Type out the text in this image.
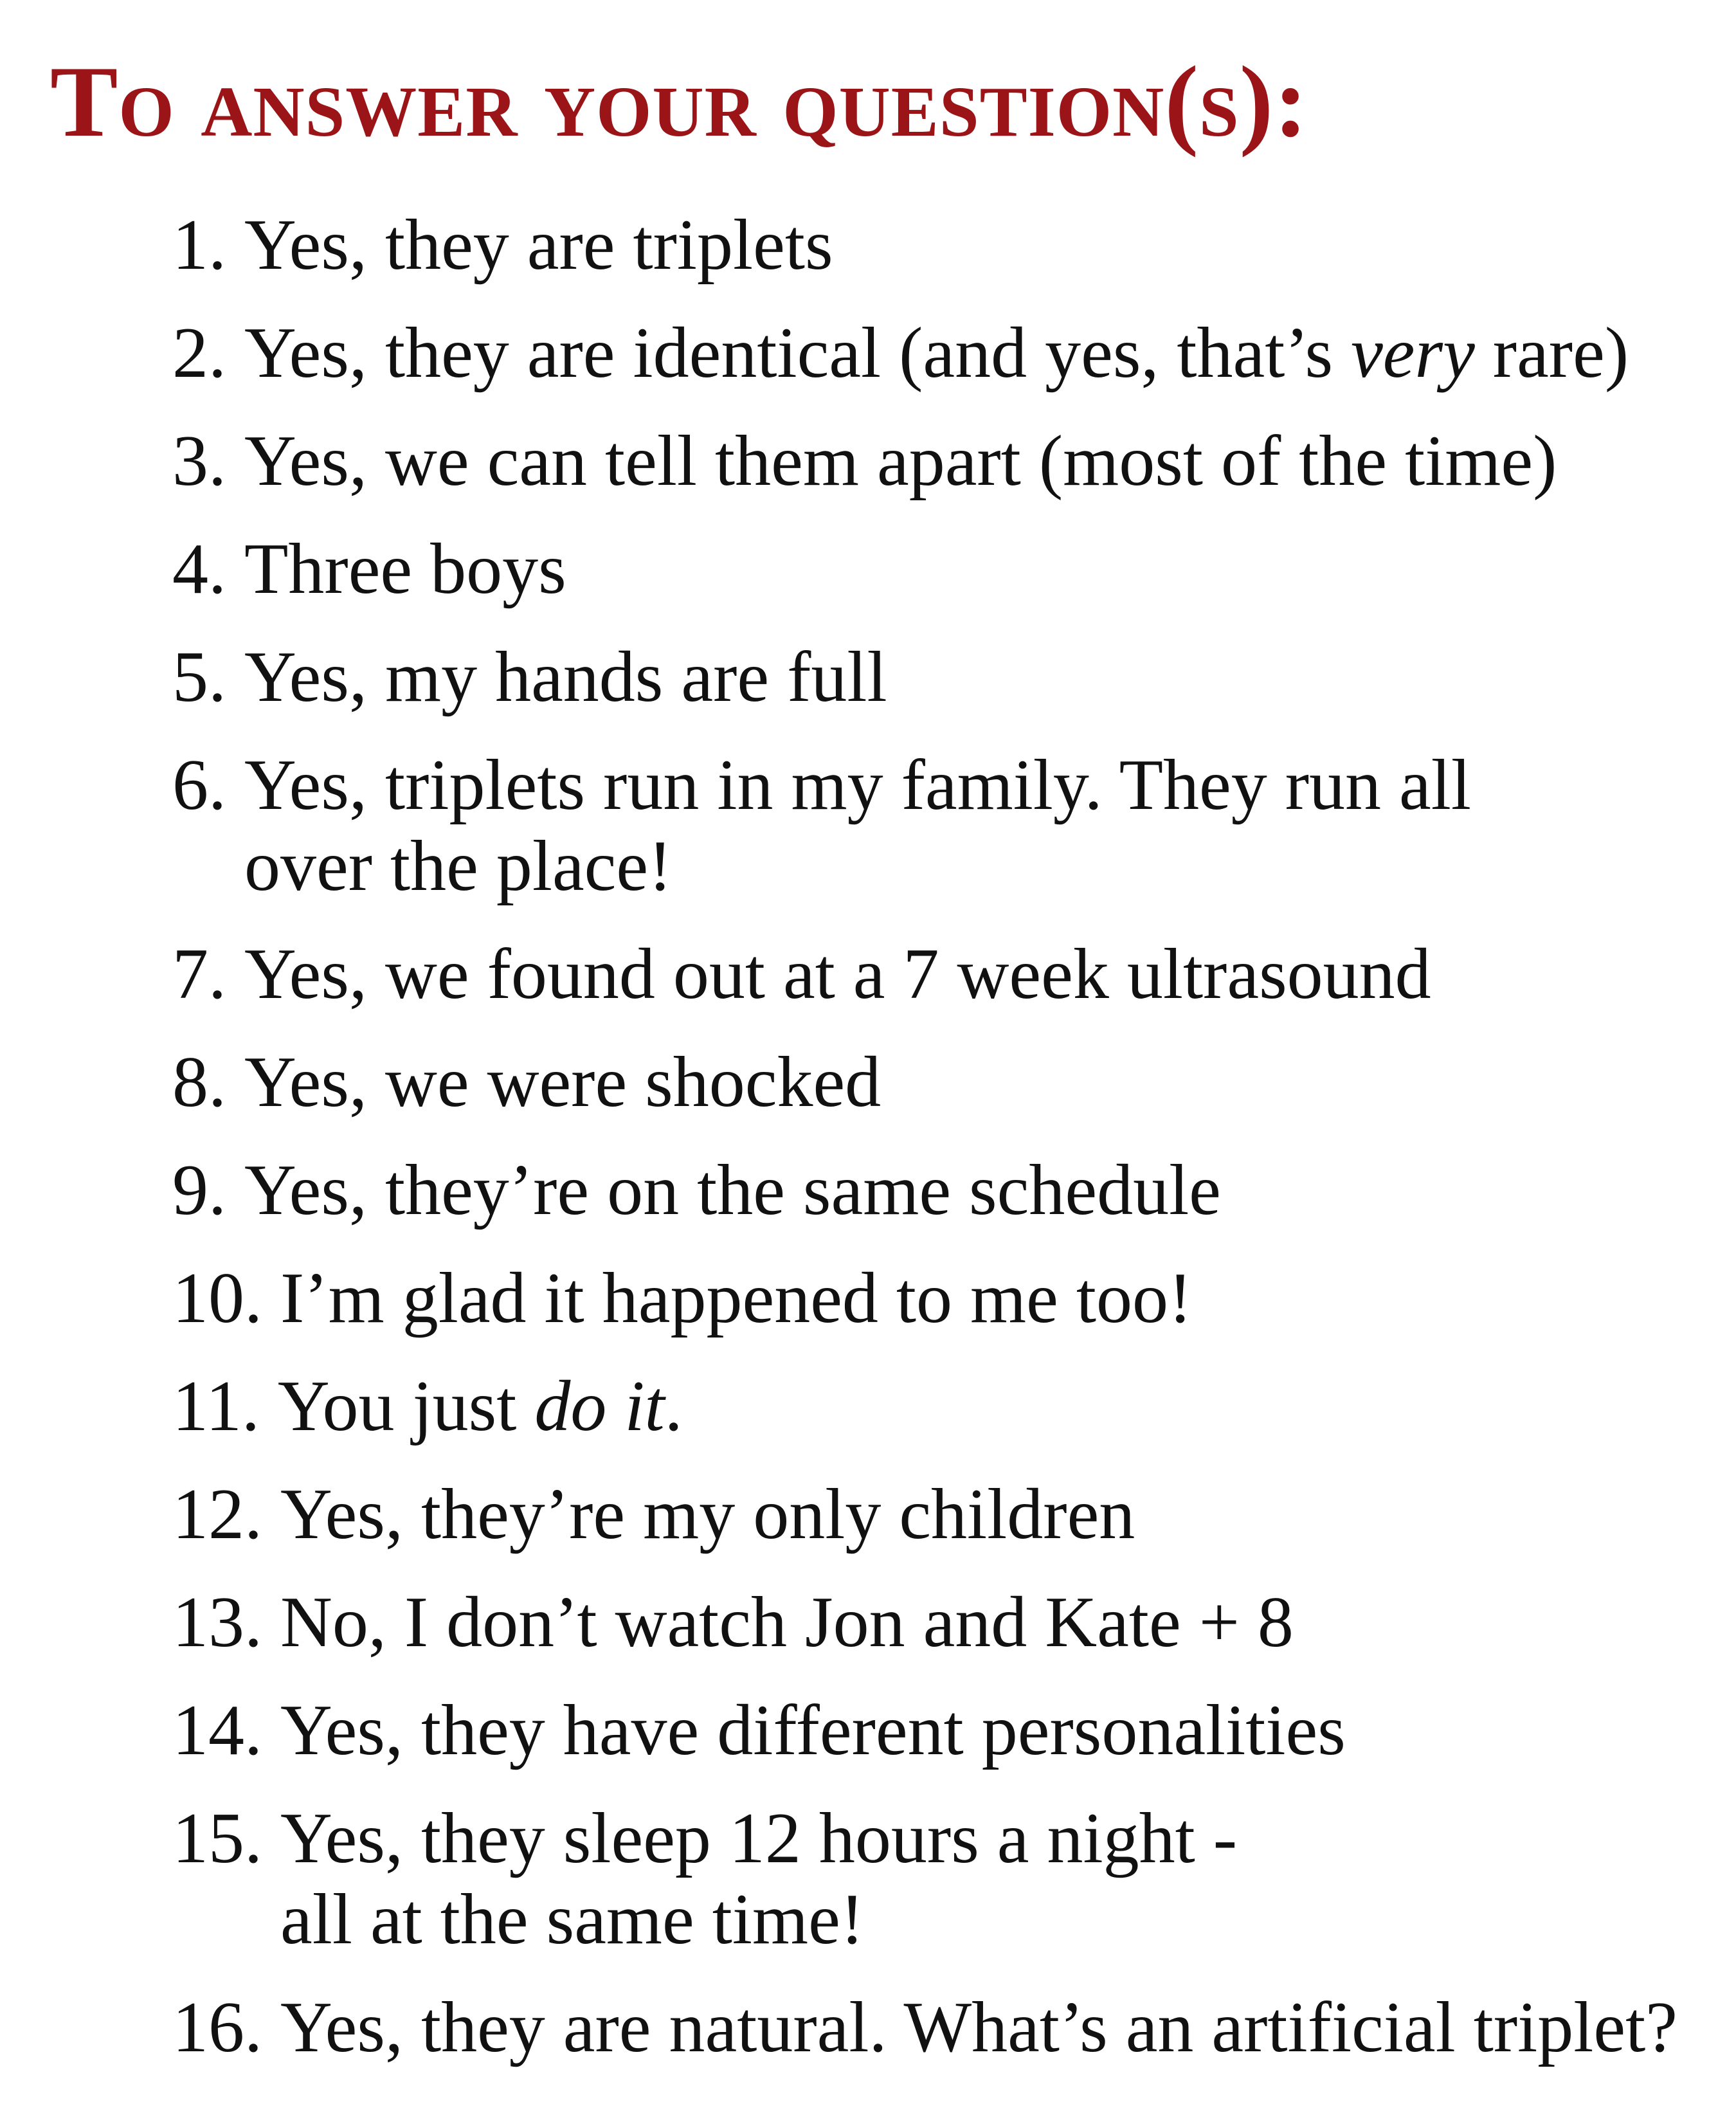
To answer your question(s):
1. Yes, they are triplets
2. Yes, they are identical (and yes, that’s very rare)
3. Yes, we can tell them apart (most of the time)
4. Three boys
5. Yes, my hands are full
6. Yes, triplets run in my family. They run all
over the place!
7. Yes, we found out at a 7 week ultrasound
8. Yes, we were shocked
9. Yes, they’re on the same schedule
10. I’m glad it happened to me too!
11. You just do it.
12. Yes, they’re my only children
13. No, I don’t watch Jon and Kate + 8
14. Yes, they have different personalities
15. Yes, they sleep 12 hours a night -
all at the same time!
16. Yes, they are natural. What’s an artificial triplet?
